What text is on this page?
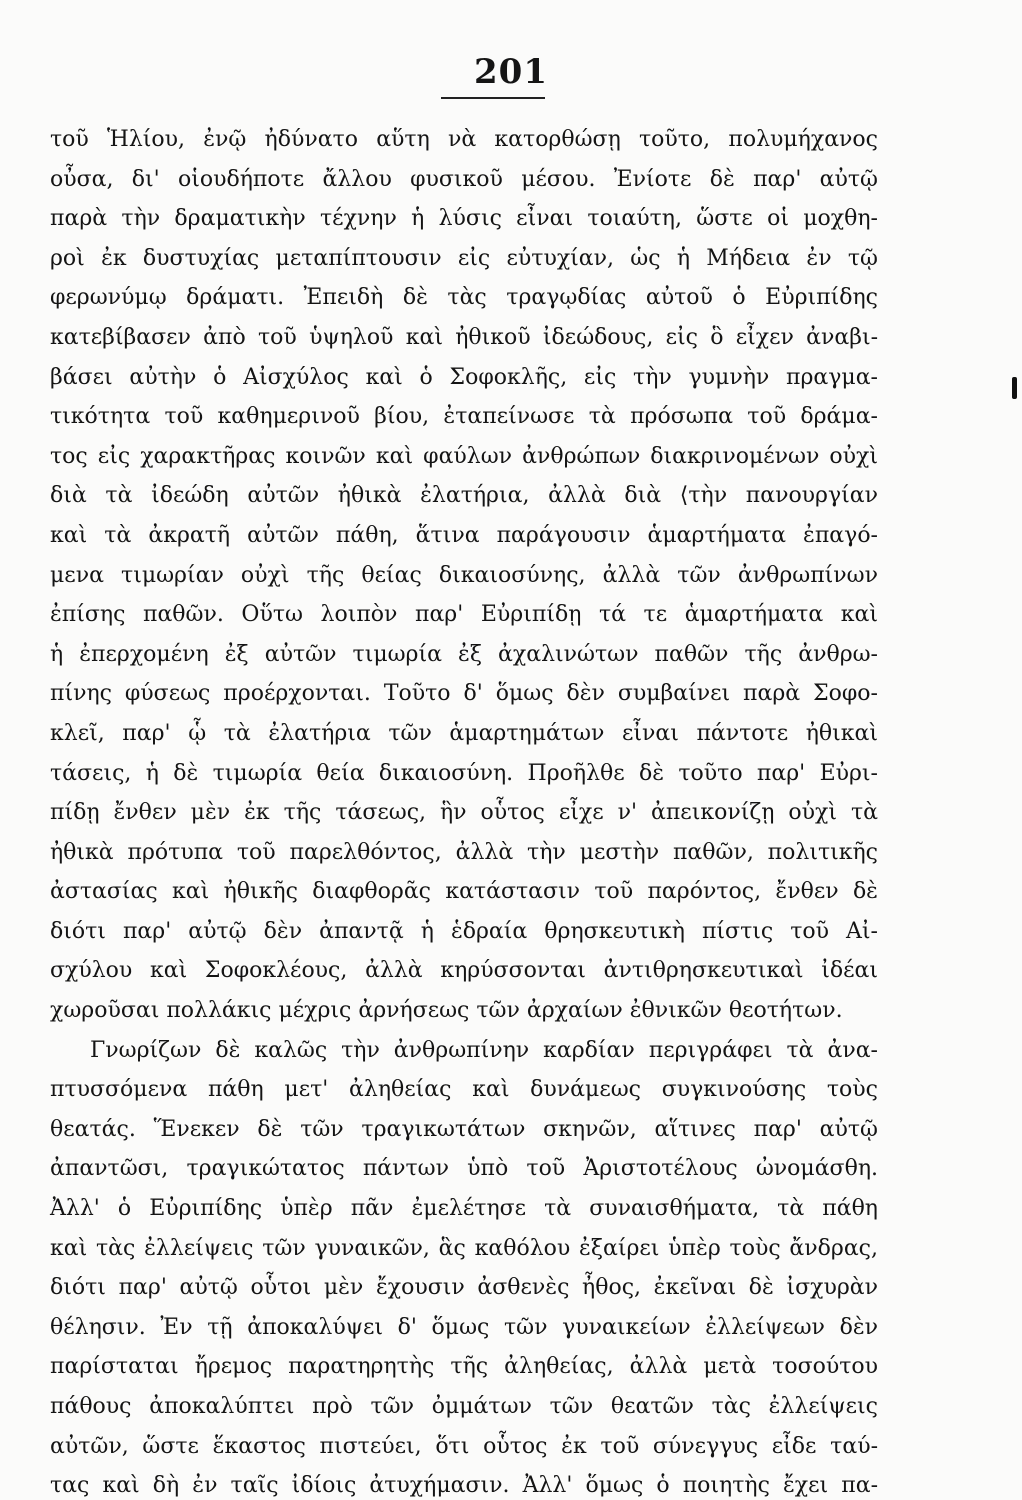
201
τοῦ Ἡλίου, ἐνῷ ἠδύνατο αὕτη νὰ κατορθώσῃ τοῦτο, πολυμήχανος
οὖσα, δι' οἱουδήποτε ἄλλου φυσικοῦ μέσου. Ἐνίοτε δὲ παρ' αὐτῷ
παρὰ τὴν δραματικὴν τέχνην ἡ λύσις εἶναι τοιαύτη, ὥστε οἱ μοχθη-
ροὶ ἐκ δυστυχίας μεταπίπτουσιν εἰς εὐτυχίαν, ὡς ἡ Μήδεια ἐν τῷ
φερωνύμῳ δράματι. Ἐπειδὴ δὲ τὰς τραγῳδίας αὐτοῦ ὁ Εὐριπίδης
κατεβίβασεν ἀπὸ τοῦ ὑψηλοῦ καὶ ἠθικοῦ ἰδεώδους, εἰς ὃ εἶχεν ἀναβι-
βάσει αὐτὴν ὁ Αἰσχύλος καὶ ὁ Σοφοκλῆς, εἰς τὴν γυμνὴν πραγμα-
τικότητα τοῦ καθημερινοῦ βίου, ἐταπείνωσε τὰ πρόσωπα τοῦ δράμα-
τος εἰς χαρακτῆρας κοινῶν καὶ φαύλων ἀνθρώπων διακρινομένων οὐχὶ
διὰ τὰ ἰδεώδη αὐτῶν ἠθικὰ ἐλατήρια, ἀλλὰ διὰ ⟨τὴν πανουργίαν
καὶ τὰ ἀκρατῆ αὐτῶν πάθη, ἅτινα παράγουσιν ἁμαρτήματα ἐπαγό-
μενα τιμωρίαν οὐχὶ τῆς θείας δικαιοσύνης, ἀλλὰ τῶν ἀνθρωπίνων
ἐπίσης παθῶν. Οὕτω λοιπὸν παρ' Εὐριπίδῃ τά τε ἁμαρτήματα καὶ
ἡ ἐπερχομένη ἐξ αὐτῶν τιμωρία ἐξ ἀχαλινώτων παθῶν τῆς ἀνθρω-
πίνης φύσεως προέρχονται. Τοῦτο δ' ὅμως δὲν συμβαίνει παρὰ Σοφο-
κλεῖ, παρ' ᾧ τὰ ἐλατήρια τῶν ἁμαρτημάτων εἶναι πάντοτε ἠθικαὶ
τάσεις, ἡ δὲ τιμωρία θεία δικαιοσύνη. Προῆλθε δὲ τοῦτο παρ' Εὐρι-
πίδῃ ἔνθεν μὲν ἐκ τῆς τάσεως, ἣν οὗτος εἶχε ν' ἀπεικονίζῃ οὐχὶ τὰ
ἠθικὰ πρότυπα τοῦ παρελθόντος, ἀλλὰ τὴν μεστὴν παθῶν, πολιτικῆς
ἀστασίας καὶ ἠθικῆς διαφθορᾶς κατάστασιν τοῦ παρόντος, ἔνθεν δὲ
διότι παρ' αὐτῷ δὲν ἀπαντᾷ ἡ ἑδραία θρησκευτικὴ πίστις τοῦ Αἰ-
σχύλου καὶ Σοφοκλέους, ἀλλὰ κηρύσσονται ἀντιθρησκευτικαὶ ἰδέαι
χωροῦσαι πολλάκις μέχρις ἀρνήσεως τῶν ἀρχαίων ἐθνικῶν θεοτήτων.
Γνωρίζων δὲ καλῶς τὴν ἀνθρωπίνην καρδίαν περιγράφει τὰ ἀνα-
πτυσσόμενα πάθη μετ' ἀληθείας καὶ δυνάμεως συγκινούσης τοὺς
θεατάς. Ἕνεκεν δὲ τῶν τραγικωτάτων σκηνῶν, αἵτινες παρ' αὐτῷ
ἀπαντῶσι, τραγικώτατος πάντων ὑπὸ τοῦ Ἀριστοτέλους ὠνομάσθη.
Ἀλλ' ὁ Εὐριπίδης ὑπὲρ πᾶν ἐμελέτησε τὰ συναισθήματα, τὰ πάθη
καὶ τὰς ἐλλείψεις τῶν γυναικῶν, ἃς καθόλου ἐξαίρει ὑπὲρ τοὺς ἄνδρας,
διότι παρ' αὐτῷ οὗτοι μὲν ἔχουσιν ἀσθενὲς ἦθος, ἐκεῖναι δὲ ἰσχυρὰν
θέλησιν. Ἐν τῇ ἀποκαλύψει δ' ὅμως τῶν γυναικείων ἐλλείψεων δὲν
παρίσταται ἤρεμος παρατηρητὴς τῆς ἀληθείας, ἀλλὰ μετὰ τοσούτου
πάθους ἀποκαλύπτει πρὸ τῶν ὀμμάτων τῶν θεατῶν τὰς ἐλλείψεις
αὐτῶν, ὥστε ἕκαστος πιστεύει, ὅτι οὗτος ἐκ τοῦ σύνεγγυς εἶδε ταύ-
τας καὶ δὴ ἐν ταῖς ἰδίοις ἀτυχήμασιν. Ἀλλ' ὅμως ὁ ποιητὴς ἔχει πα-
